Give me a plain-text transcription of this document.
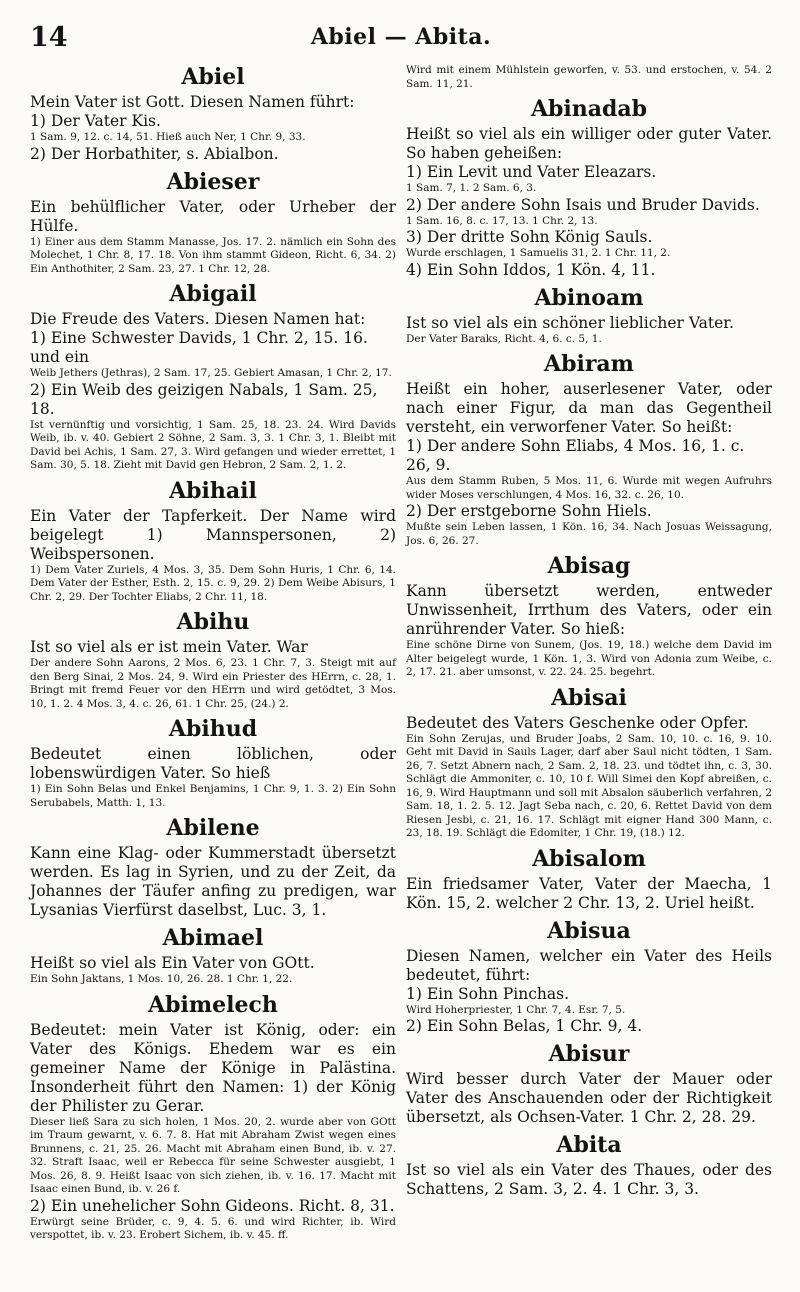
14	Abiel — Abita.
Abiel
Mein Vater ist Gott. Diesen Namen führt:
1) Der Vater Kis.
1 Sam. 9, 12. c. 14, 51. Hieß auch Ner, 1 Chr. 9, 33.
2) Der Horbathiter, s. Abialbon.
Abieser
Ein behülflicher Vater, oder Urheber der Hülfe.
1) Einer aus dem Stamm Manasse, Jos. 17. 2. nämlich ein Sohn des Molechet, 1 Chr. 8, 17. 18. Von ihm stammt Gideon, Richt. 6, 34. 2) Ein Anthothiter, 2 Sam. 23, 27. 1 Chr. 12, 28.
Abigail
Die Freude des Vaters. Diesen Namen hat:
1) Eine Schwester Davids, 1 Chr. 2, 15. 16. und ein
Weib Jethers (Jethras), 2 Sam. 17, 25. Gebiert Amasan, 1 Chr. 2, 17.
2) Ein Weib des geizigen Nabals, 1 Sam. 25, 18.
Ist vernünftig und vorsichtig, 1 Sam. 25, 18. 23. 24. Wird Davids Weib, ib. v. 40. Gebiert 2 Söhne, 2 Sam. 3, 3. 1 Chr. 3, 1. Bleibt mit David bei Achis, 1 Sam. 27, 3. Wird gefangen und wieder errettet, 1 Sam. 30, 5. 18. Zieht mit David gen Hebron, 2 Sam. 2, 1. 2.
Abihail
Ein Vater der Tapferkeit. Der Name wird beigelegt 1) Mannspersonen, 2) Weibspersonen.
1) Dem Vater Zuriels, 4 Mos. 3, 35. Dem Sohn Huris, 1 Chr. 6, 14. Dem Vater der Esther, Esth. 2, 15. c. 9, 29. 2) Dem Weibe Abisurs, 1 Chr. 2, 29. Der Tochter Eliabs, 2 Chr. 11, 18.
Abihu
Ist so viel als er ist mein Vater. War
Der andere Sohn Aarons, 2 Mos. 6, 23. 1 Chr. 7, 3. Steigt mit auf den Berg Sinai, 2 Mos. 24, 9. Wird ein Priester des HErrn, c. 28, 1. Bringt mit fremd Feuer vor den HErrn und wird getödtet, 3 Mos. 10, 1. 2. 4 Mos. 3, 4. c. 26, 61. 1 Chr. 25, (24.) 2.
Abihud
Bedeutet einen löblichen, oder lobenswürdigen Vater. So hieß
1) Ein Sohn Belas und Enkel Benjamins, 1 Chr. 9, 1. 3. 2) Ein Sohn Serubabels, Matth. 1, 13.
Abilene
Kann eine Klag- oder Kummerstadt übersetzt werden. Es lag in Syrien, und zu der Zeit, da Johannes der Täufer anfing zu predigen, war Lysanias Vierfürst daselbst, Luc. 3, 1.
Abimael
Heißt so viel als Ein Vater von GOtt.
Ein Sohn Jaktans, 1 Mos. 10, 26. 28. 1 Chr. 1, 22.
Abimelech
Bedeutet: mein Vater ist König, oder: ein Vater des Königs. Ehedem war es ein gemeiner Name der Könige in Palästina. Insonderheit führt den Namen: 1) der König der Philister zu Gerar.
Dieser ließ Sara zu sich holen, 1 Mos. 20, 2. wurde aber von GOtt im Traum gewarnt, v. 6. 7. 8. Hat mit Abraham Zwist wegen eines Brunnens, c. 21, 25. 26. Macht mit Abraham einen Bund, ib. v. 27. 32. Straft Isaac, weil er Rebecca für seine Schwester ausgiebt, 1 Mos. 26, 8. 9. Heißt Isaac von sich ziehen, ib. v. 16. 17. Macht mit Isaac einen Bund, ib. v. 26 f.
2) Ein unehelicher Sohn Gideons. Richt. 8, 31.
Erwürgt seine Brüder, c. 9, 4. 5. 6. und wird Richter, ib. Wird verspottet, ib. v. 23. Erobert Sichem, ib. v. 45. ff.
Wird mit einem Mühlstein geworfen, v. 53. und erstochen, v. 54. 2 Sam. 11, 21.
Abinadab
Heißt so viel als ein williger oder guter Vater. So haben geheißen:
1) Ein Levit und Vater Eleazars.
1 Sam. 7, 1. 2 Sam. 6, 3.
2) Der andere Sohn Isais und Bruder Davids.
1 Sam. 16, 8. c. 17, 13. 1 Chr. 2, 13.
3) Der dritte Sohn König Sauls.
Wurde erschlagen, 1 Samuelis 31, 2. 1 Chr. 11, 2.
4) Ein Sohn Iddos, 1 Kön. 4, 11.
Abinoam
Ist so viel als ein schöner lieblicher Vater.
Der Vater Baraks, Richt. 4, 6. c. 5, 1.
Abiram
Heißt ein hoher, auserlesener Vater, oder nach einer Figur, da man das Gegentheil versteht, ein verworfener Vater. So heißt:
1) Der andere Sohn Eliabs, 4 Mos. 16, 1. c. 26, 9.
Aus dem Stamm Ruben, 5 Mos. 11, 6. Wurde mit wegen Aufruhrs wider Moses verschlungen, 4 Mos. 16, 32. c. 26, 10.
2) Der erstgeborne Sohn Hiels.
Mußte sein Leben lassen, 1 Kön. 16, 34. Nach Josuas Weissagung, Jos. 6, 26. 27.
Abisag
Kann übersetzt werden, entweder Unwissenheit, Irrthum des Vaters, oder ein anrührender Vater. So hieß:
Eine schöne Dirne von Sunem, (Jos. 19, 18.) welche dem David im Alter beigelegt wurde, 1 Kön. 1, 3. Wird von Adonia zum Weibe, c. 2, 17. 21. aber umsonst, v. 22. 24. 25. begehrt.
Abisai
Bedeutet des Vaters Geschenke oder Opfer.
Ein Sohn Zerujas, und Bruder Joabs, 2 Sam. 10, 10. c. 16, 9. 10. Geht mit David in Sauls Lager, darf aber Saul nicht tödten, 1 Sam. 26, 7. Setzt Abnern nach, 2 Sam. 2, 18. 23. und tödtet ihn, c. 3, 30. Schlägt die Ammoniter, c. 10, 10 f. Will Simei den Kopf abreißen, c. 16, 9. Wird Hauptmann und soll mit Absalon säuberlich verfahren, 2 Sam. 18, 1. 2. 5. 12. Jagt Seba nach, c. 20, 6. Rettet David von dem Riesen Jesbi, c. 21, 16. 17. Schlägt mit eigner Hand 300 Mann, c. 23, 18. 19. Schlägt die Edomiter, 1 Chr. 19, (18.) 12.
Abisalom
Ein friedsamer Vater, Vater der Maecha, 1 Kön. 15, 2. welcher 2 Chr. 13, 2. Uriel heißt.
Abisua
Diesen Namen, welcher ein Vater des Heils bedeutet, führt:
1) Ein Sohn Pinchas.
Wird Hoherpriester, 1 Chr. 7, 4. Esr. 7, 5.
2) Ein Sohn Belas, 1 Chr. 9, 4.
Abisur
Wird besser durch Vater der Mauer oder Vater des Anschauenden oder der Richtigkeit übersetzt, als Ochsen-Vater. 1 Chr. 2, 28. 29.
Abita
Ist so viel als ein Vater des Thaues, oder des Schattens, 2 Sam. 3, 2. 4. 1 Chr. 3, 3.
